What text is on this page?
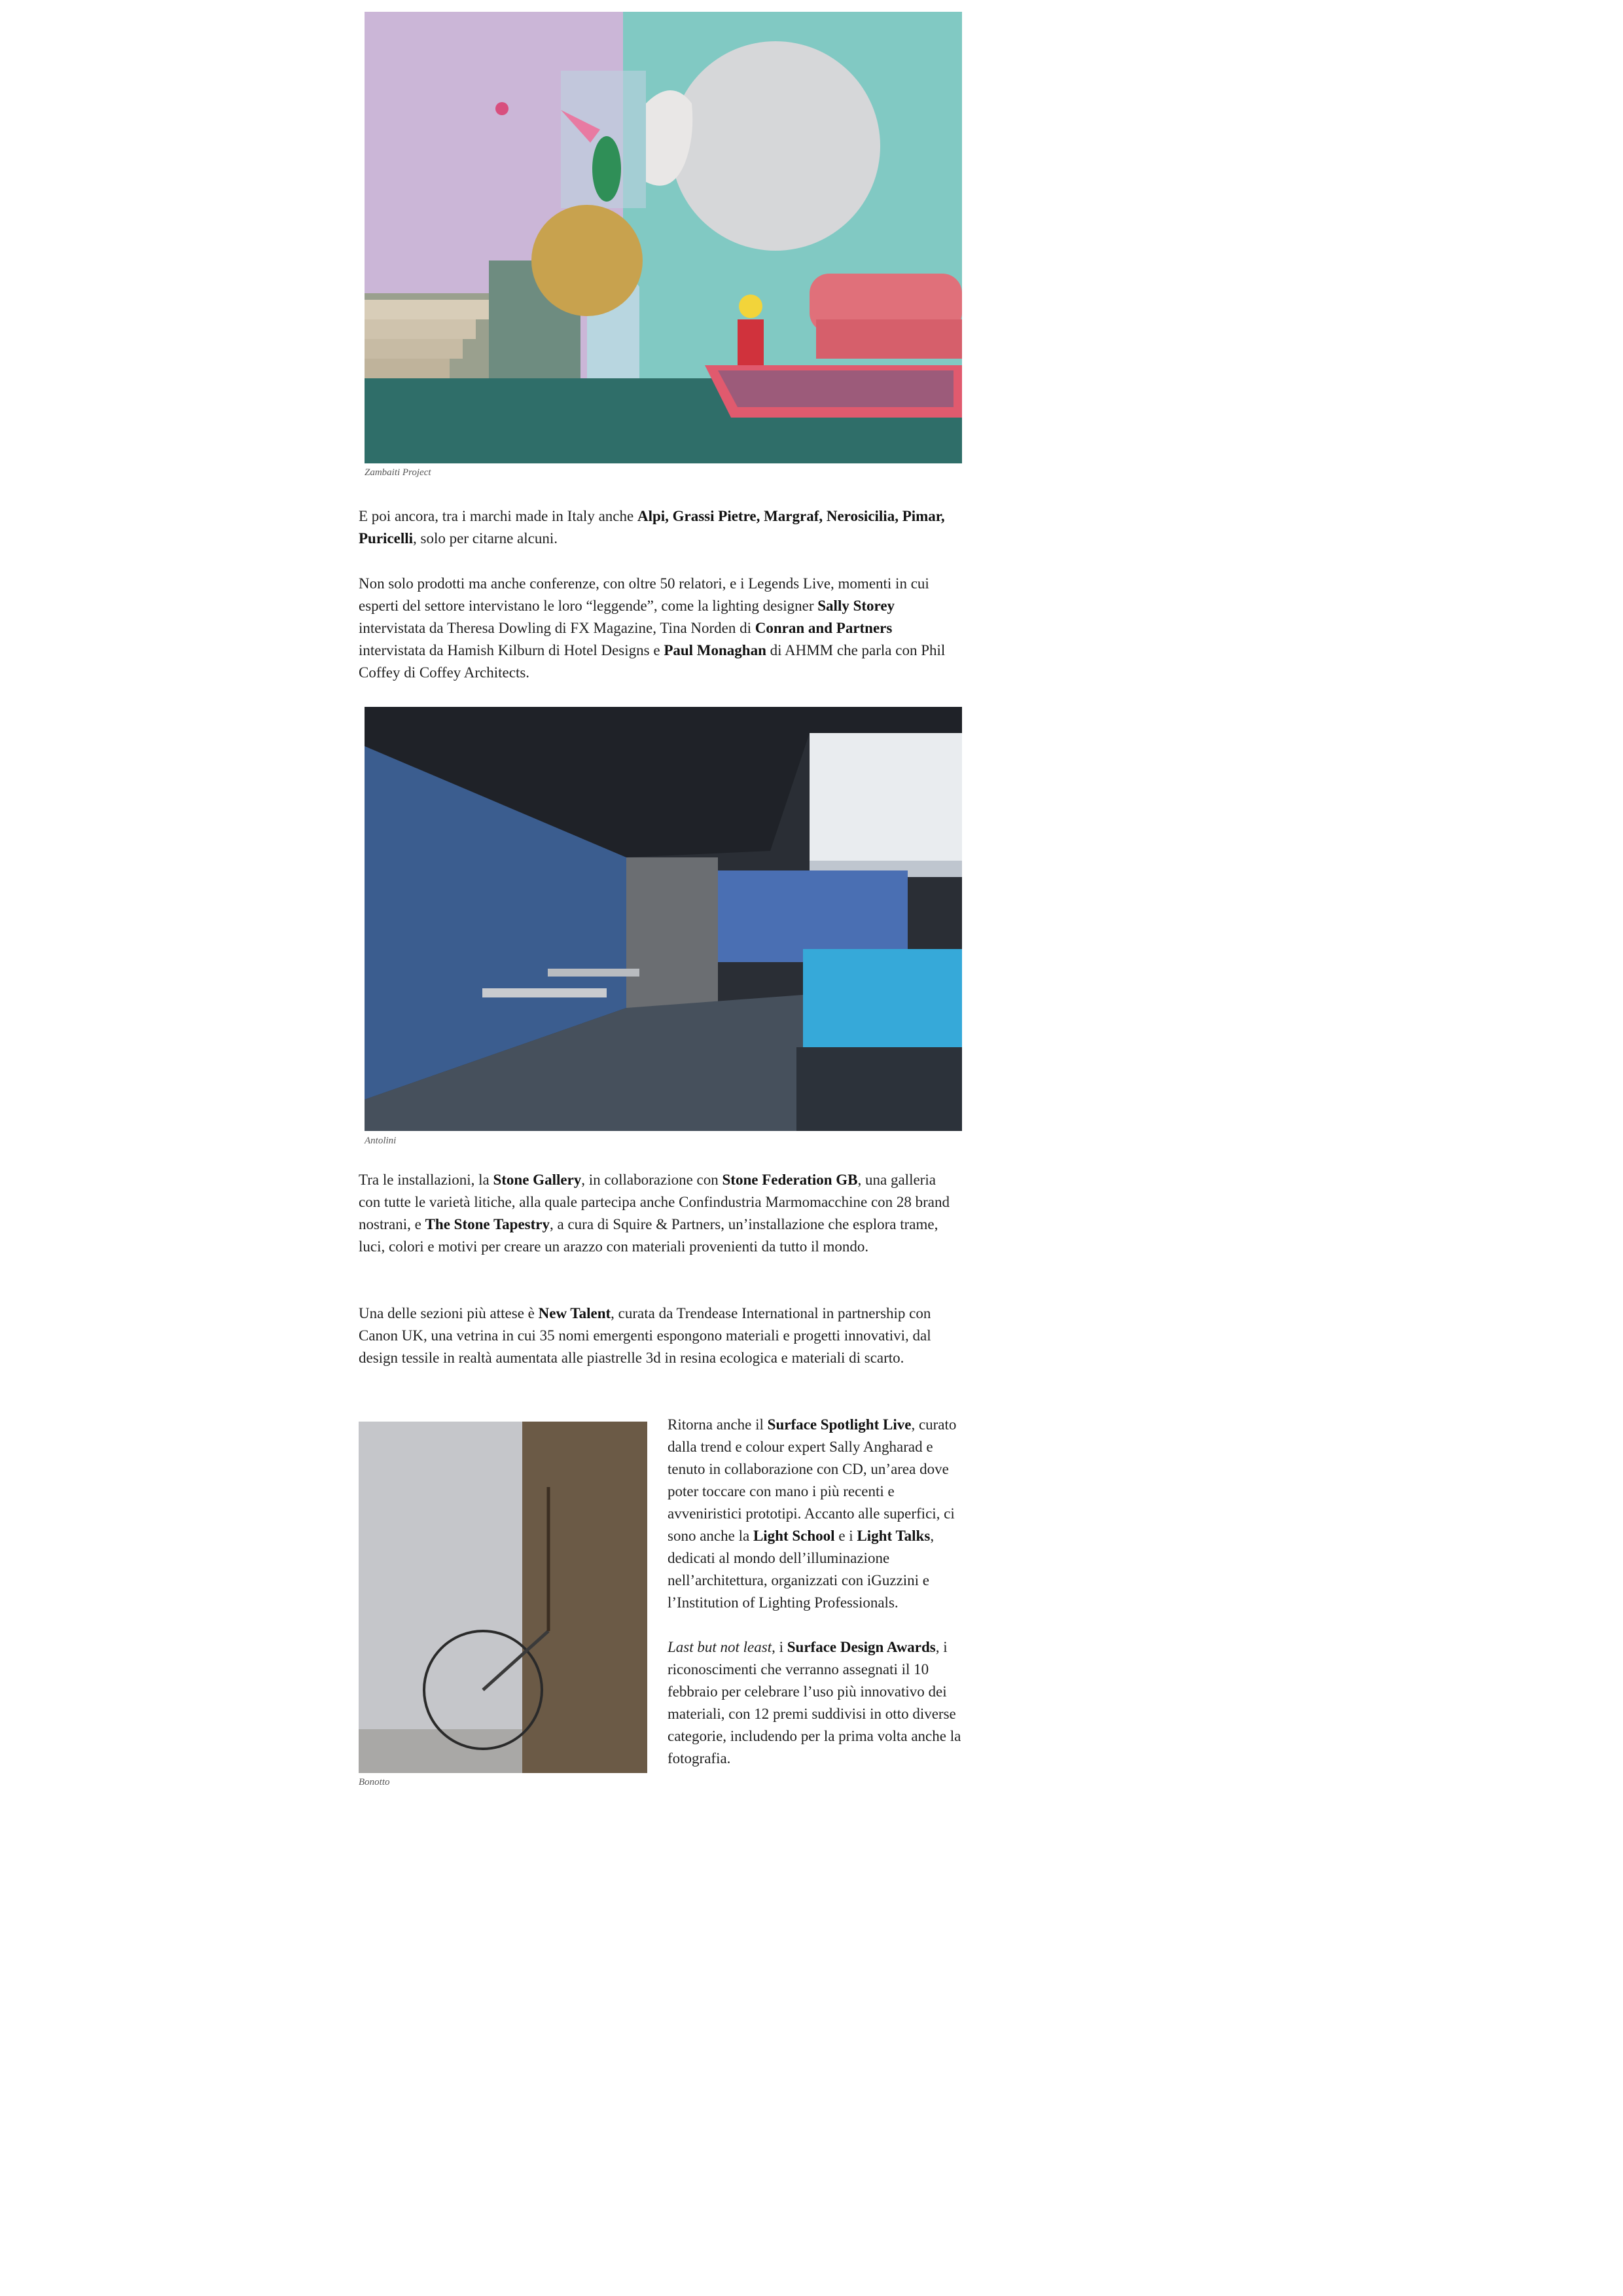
Zambaiti Project
E poi ancora, tra i marchi made in Italy anche Alpi, Grassi Pietre, Margraf, Nerosicilia, Pimar, Puricelli, solo per citarne alcuni.
Non solo prodotti ma anche conferenze, con oltre 50 relatori, e i Legends Live, momenti in cui esperti del settore intervistano le loro “leggende”, come la lighting designer Sally Storey intervistata da Theresa Dowling di FX Magazine, Tina Norden di Conran and Partners intervistata da Hamish Kilburn di Hotel Designs e Paul Monaghan di AHMM che parla con Phil Coffey di Coffey Architects.
Antolini
Tra le installazioni, la Stone Gallery, in collaborazione con Stone Federation GB, una galleria con tutte le varietà litiche, alla quale partecipa anche Confindustria Marmomacchine con 28 brand nostrani, e The Stone Tapestry, a cura di Squire & Partners, un’installazione che esplora trame, luci, colori e motivi per creare un arazzo con materiali provenienti da tutto il mondo.
Una delle sezioni più attese è New Talent, curata da Trendease International in partnership con Canon UK, una vetrina in cui 35 nomi emergenti espongono materiali e progetti innovativi, dal design tessile in realtà aumentata alle piastrelle 3d in resina ecologica e materiali di scarto.
Bonotto
Ritorna anche il Surface Spotlight Live, curato dalla trend e colour expert Sally Angharad e tenuto in collaborazione con CD, un’area dove poter toccare con mano i più recenti e avveniristici prototipi. Accanto alle superfici, ci sono anche la Light School e i Light Talks, dedicati al mondo dell’illuminazione nell’architettura, organizzati con iGuzzini e l’Institution of Lighting Professionals.
Last but not least, i Surface Design Awards, i riconoscimenti che verranno assegnati il 10 febbraio per celebrare l’uso più innovativo dei materiali, con 12 premi suddivisi in otto diverse categorie, includendo per la prima volta anche la fotografia.
